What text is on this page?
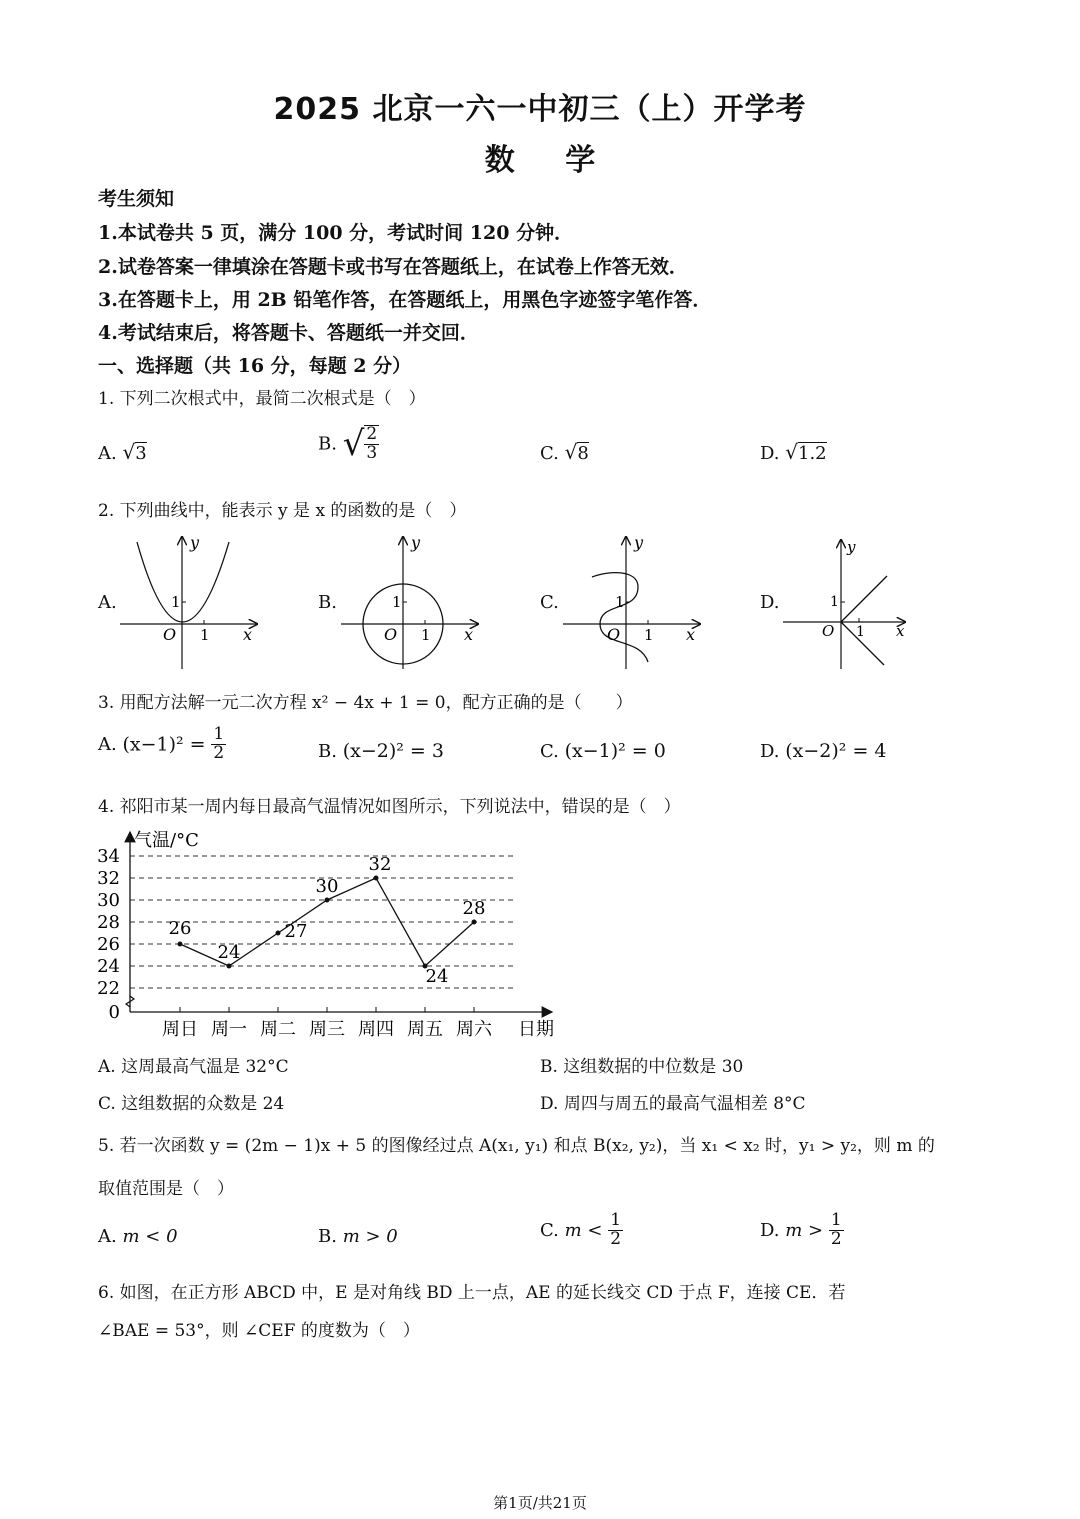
2025 北京一六一中初三（上）开学考
数 学
考生须知
1.本试卷共 5 页，满分 100 分，考试时间 120 分钟．
2.试卷答案一律填涂在答题卡或书写在答题纸上，在试卷上作答无效．
3.在答题卡上，用 2B 铅笔作答，在答题纸上，用黑色字迹签字笔作答．
4.考试结束后，将答题卡、答题纸一并交回．
一、选择题（共 16 分，每题 2 分）
1. 下列二次根式中，最简二次根式是（　）
A. √3	B. √ $\frac{2}{3}$	C. √8	D. √1.2
2. 下列曲线中，能表示 y 是 x 的函数的是（　）
A.	B.	C.	D.
y
x
O 1
1
y
x
O 1
1
y
x
O 1
1
y
x
O 1
1
3. 用配方法解一元二次方程 x² − 4x + 1 = 0，配方正确的是（　　）
A. $(x-1)^2 = \frac{1}{2}$	B. (x−2)² = 3	C. (x−1)² = 0	D. (x−2)² = 4
4. 祁阳市某一周内每日最高气温情况如图所示，下列说法中，错误的是（　）
0
22
24
26
28
30
32
34
周日 周一 周二 周三 周四 周五 周六
气温/°C
日期
26
24
27
30
32
24
28
A. 这周最高气温是 32°C	B. 这组数据的中位数是 30
C. 这组数据的众数是 24	D. 周四与周五的最高气温相差 8°C
5. 若一次函数 y = (2m − 1)x + 5 的图像经过点 A(x₁, y₁) 和点 B(x₂, y₂)，当 x₁ < x₂ 时，y₁ > y₂，则 m 的
取值范围是（　）
A. m < 0	B. m > 0	C. $m < \frac{1}{2}$	D. $m > \frac{1}{2}$
6. 如图，在正方形 ABCD 中，E 是对角线 BD 上一点，AE 的延长线交 CD 于点 F，连接 CE．若
∠BAE = 53°，则 ∠CEF 的度数为（　）
第1页/共21页
